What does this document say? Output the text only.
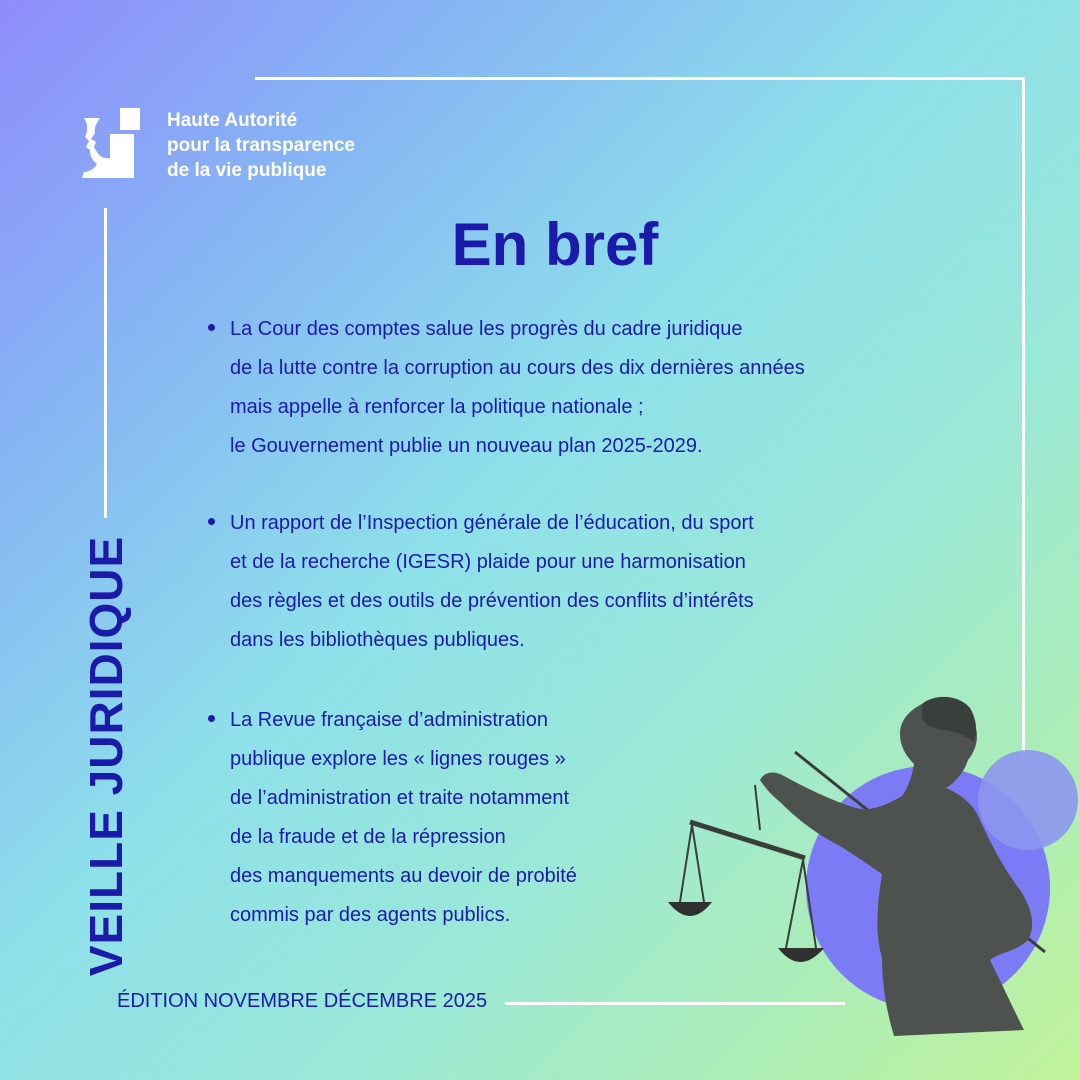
Haute Autorité
pour la transparence
de la vie publique
VEILLE JURIDIQUE
En bref
La Cour des comptes salue les progrès du cadre juridique
de la lutte contre la corruption au cours des dix dernières années
mais appelle à renforcer la politique nationale ;
le Gouvernement publie un nouveau plan 2025-2029.
Un rapport de l’Inspection générale de l’éducation, du sport
et de la recherche (IGESR) plaide pour une harmonisation
des règles et des outils de prévention des conflits d’intérêts
dans les bibliothèques publiques.
La Revue française d’administration
publique explore les « lignes rouges »
de l’administration et traite notamment
de la fraude et de la répression
des manquements au devoir de probité
commis par des agents publics.
ÉDITION NOVEMBRE DÉCEMBRE 2025
